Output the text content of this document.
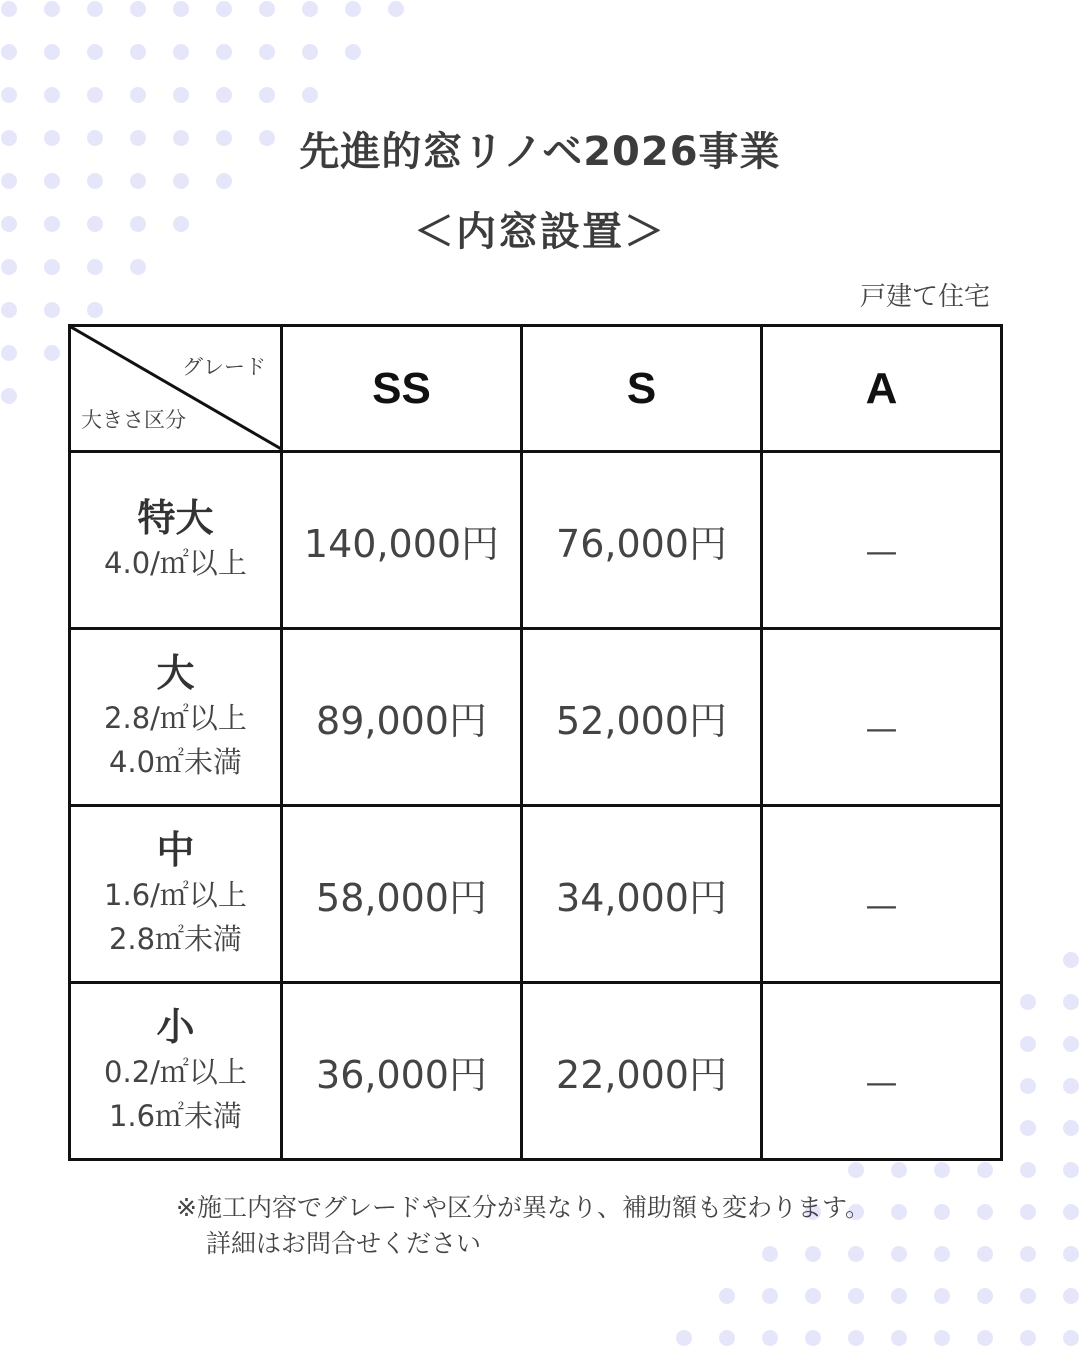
先進的窓リノベ2026事業
＜内窓設置＞
戸建て住宅
グレード
大きさ区分	SS	S	A

特大
4.0/㎡以上	140,000円	76,000円	—

大
2.8/㎡以上
4.0㎡未満	89,000円	52,000円	—

中
1.6/㎡以上
2.8㎡未満	58,000円	34,000円	—

小
0.2/㎡以上
1.6㎡未満	36,000円	22,000円	—
※施工内容でグレードや区分が異なり、補助額も変わります。
詳細はお問合せください
